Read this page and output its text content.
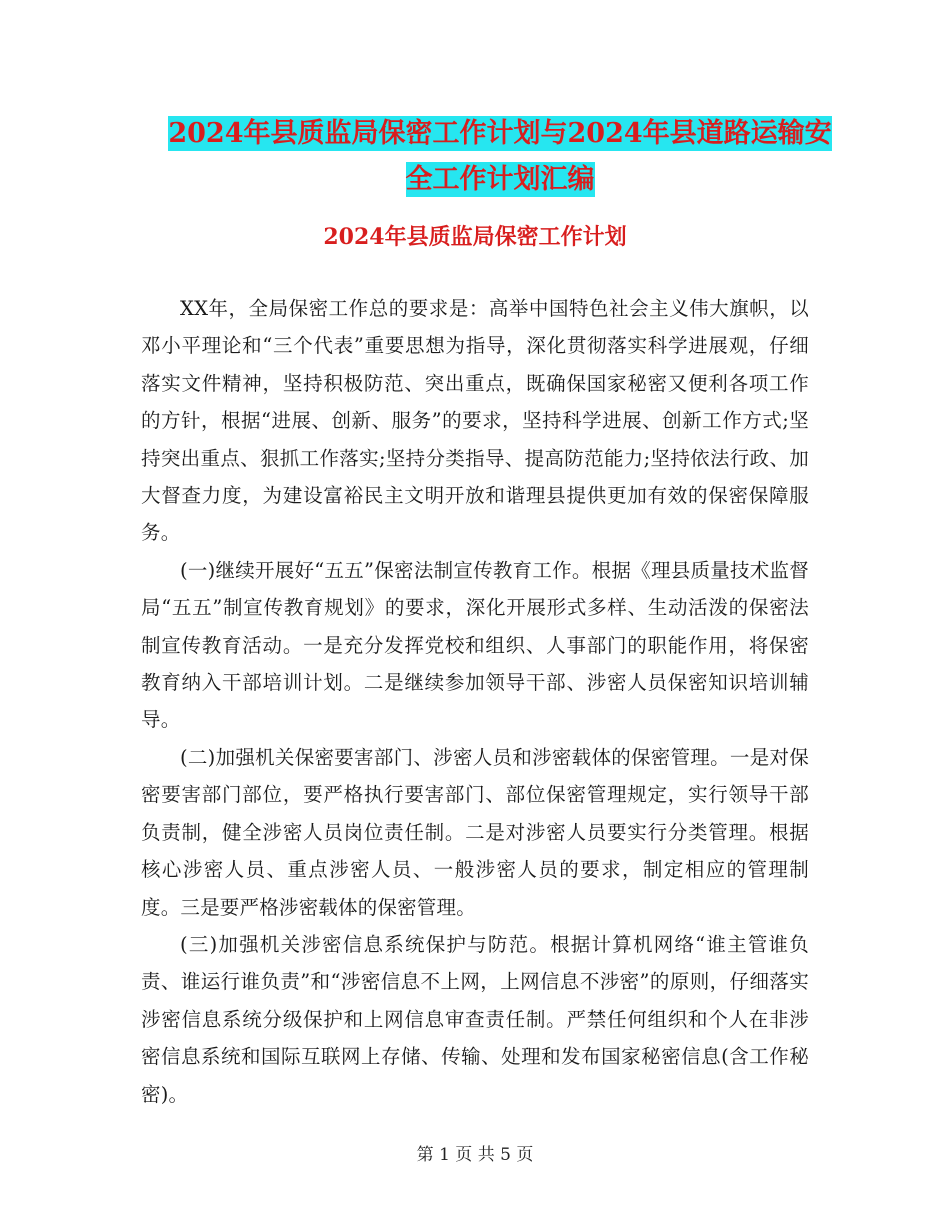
2024年县质监局保密工作计划与2024年县道路运输安
全工作计划汇编
2024年县质监局保密工作计划

XX年，全局保密工作总的要求是：高举中国特色社会主义伟大旗帜，以邓小平理论和“三个代表”重要思想为指导，深化贯彻落实科学进展观，仔细落实文件精神，坚持积极防范、突出重点，既确保国家秘密又便利各项工作的方针，根据“进展、创新、服务”的要求，坚持科学进展、创新工作方式;坚持突出重点、狠抓工作落实;坚持分类指导、提高防范能力;坚持依法行政、加大督查力度，为建设富裕民主文明开放和谐理县提供更加有效的保密保障服务。

(一)继续开展好“五五”保密法制宣传教育工作。根据《理县质量技术监督局“五五”制宣传教育规划》的要求，深化开展形式多样、生动活泼的保密法制宣传教育活动。一是充分发挥党校和组织、人事部门的职能作用，将保密教育纳入干部培训计划。二是继续参加领导干部、涉密人员保密知识培训辅导。

(二)加强机关保密要害部门、涉密人员和涉密载体的保密管理。一是对保密要害部门部位，要严格执行要害部门、部位保密管理规定，实行领导干部负责制，健全涉密人员岗位责任制。二是对涉密人员要实行分类管理。根据核心涉密人员、重点涉密人员、一般涉密人员的要求，制定相应的管理制度。三是要严格涉密载体的保密管理。

(三)加强机关涉密信息系统保护与防范。根据计算机网络“谁主管谁负责、谁运行谁负责”和“涉密信息不上网，上网信息不涉密”的原则，仔细落实涉密信息系统分级保护和上网信息审查责任制。严禁任何组织和个人在非涉密信息系统和国际互联网上存储、传输、处理和发布国家秘密信息(含工作秘密)。

第 1 页 共 5 页
